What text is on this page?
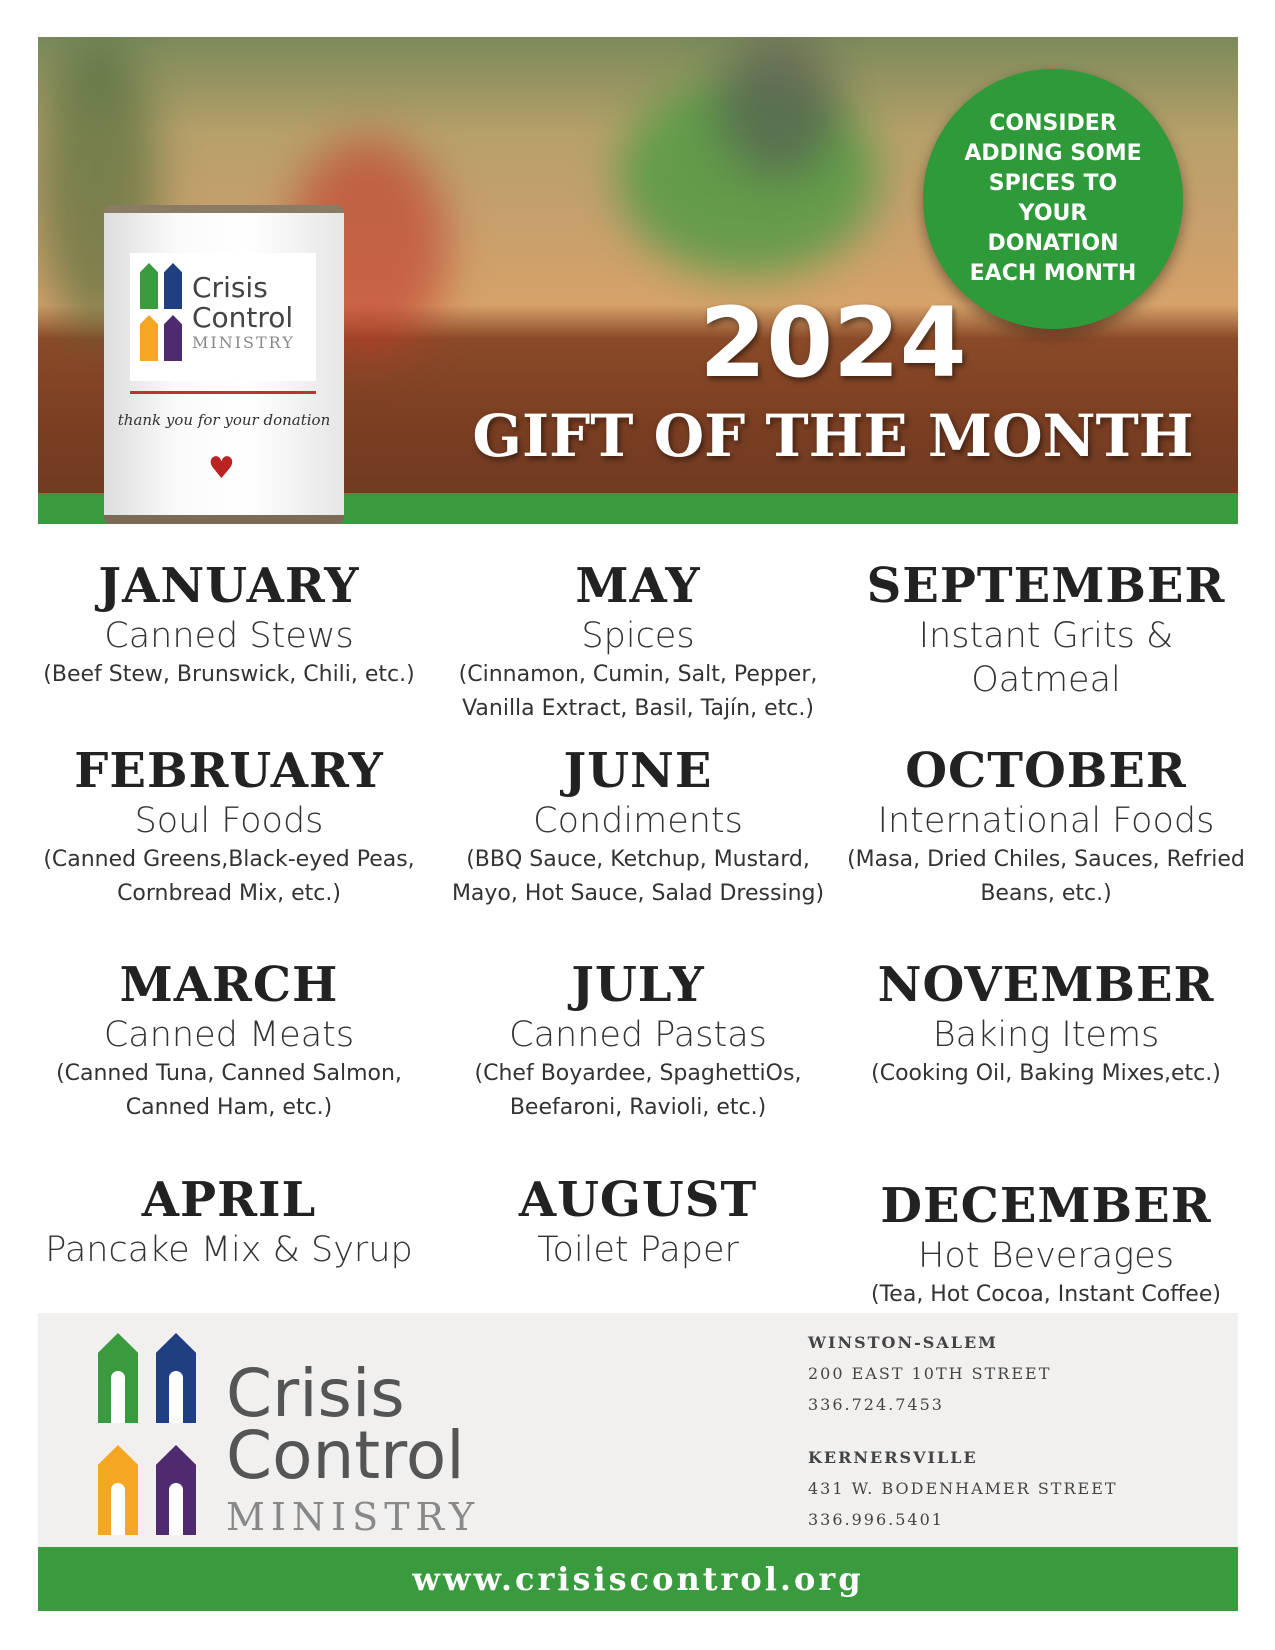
Crisis
Control
MINISTRY
thank you for your donation
♥
CONSIDER ADDING SOME SPICES TO YOUR DONATION EACH MONTH
2024
GIFT OF THE MONTH
JANUARY
Canned Stews
(Beef Stew, Brunswick, Chili, etc.)
FEBRUARY
Soul Foods
(Canned Greens,Black-eyed Peas, Cornbread Mix, etc.)
MARCH
Canned Meats
(Canned Tuna, Canned Salmon, Canned Ham, etc.)
APRIL
Pancake Mix & Syrup
MAY
Spices
(Cinnamon, Cumin, Salt, Pepper, Vanilla Extract, Basil, Tajín, etc.)
JUNE
Condiments
(BBQ Sauce, Ketchup, Mustard, Mayo, Hot Sauce, Salad Dressing)
JULY
Canned Pastas
(Chef Boyardee, SpaghettiOs, Beefaroni, Ravioli, etc.)
AUGUST
Toilet Paper
SEPTEMBER
Instant Grits & Oatmeal
OCTOBER
International Foods
(Masa, Dried Chiles, Sauces, Refried Beans, etc.)
NOVEMBER
Baking Items
(Cooking Oil, Baking Mixes,etc.)
DECEMBER
Hot Beverages
(Tea, Hot Cocoa, Instant Coffee)
Crisis
Control
MINISTRY
WINSTON-SALEM
200 EAST 10TH STREET
336.724.7453
KERNERSVILLE
431 W. BODENHAMER STREET
336.996.5401
www.crisiscontrol.org
